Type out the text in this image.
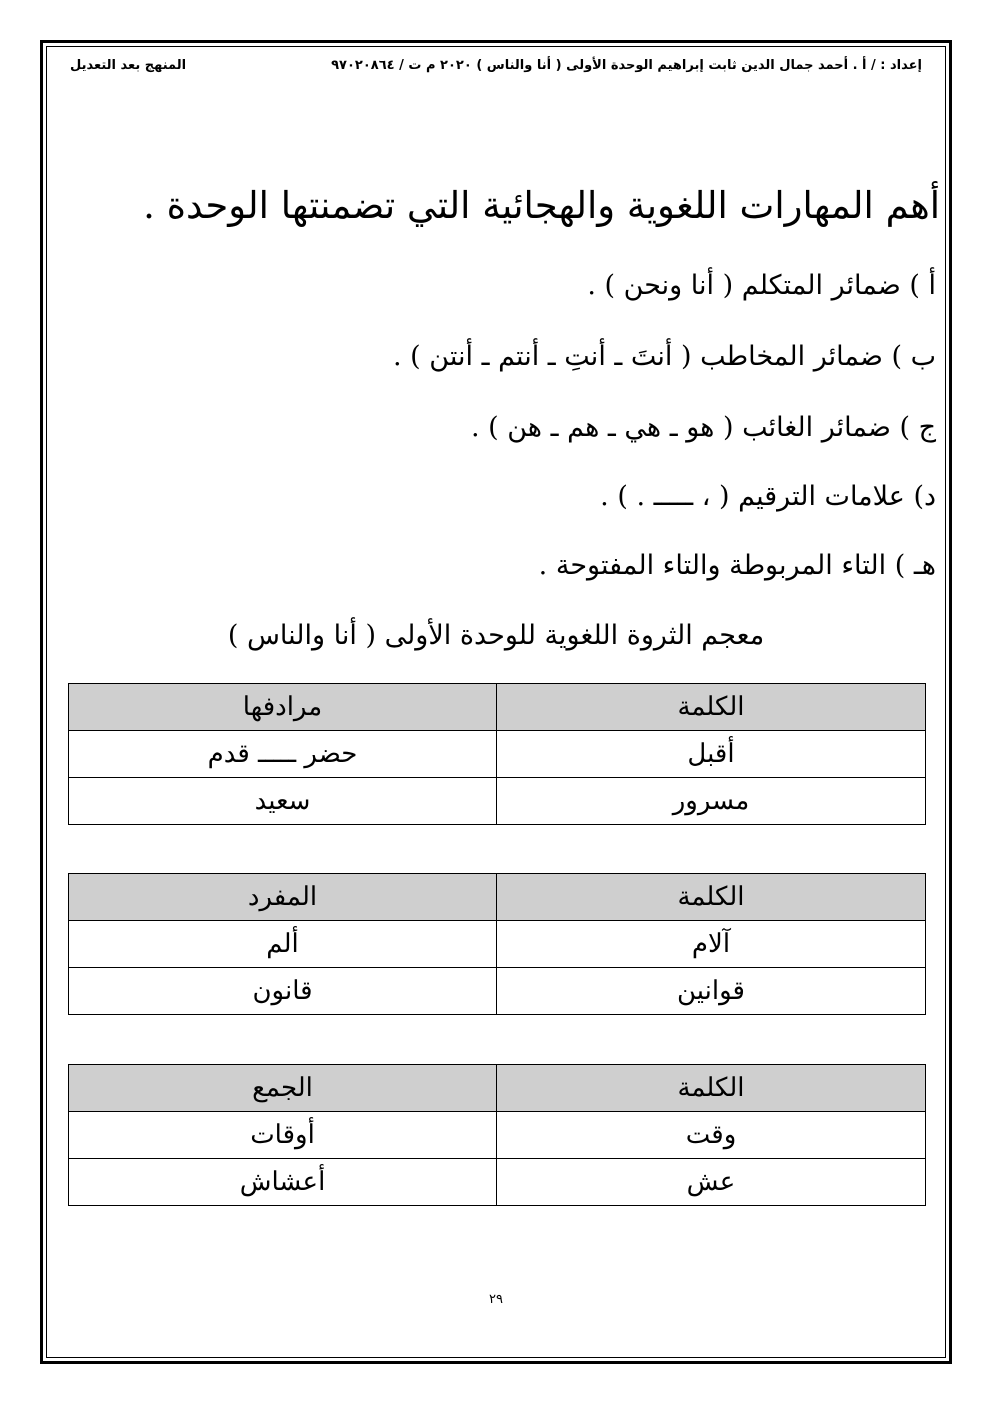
إعداد : / أ . أحمد جمال الدين ثابت إبراهيم الوحدة الأولى ( أنا والناس ) ٢٠٢٠ م ت / ٩٧٠٢٠٨٦٤
المنهج بعد التعديل
أهم المهارات اللغوية والهجائية التي تضمنتها الوحدة .
أ ) ضمائر المتكلم ( أنا ونحن ) .
ب ) ضمائر المخاطب ( أنتَ ـ أنتِ ـ أنتم ـ أنتن ) .
ج ) ضمائر الغائب ( هو ـ هي ـ هم ـ هن ) .
د) علامات الترقيم ( ، ـــــ . ) .
هـ ) التاء المربوطة والتاء المفتوحة .
معجم الثروة اللغوية للوحدة الأولى ( أنا والناس )
الكلمة	مرادفها
أقبل	حضر ـــــ قدم
مسرور	سعيد
الكلمة	المفرد
آلام	ألم
قوانين	قانون
الكلمة	الجمع
وقت	أوقات
عش	أعشاش
٢٩
